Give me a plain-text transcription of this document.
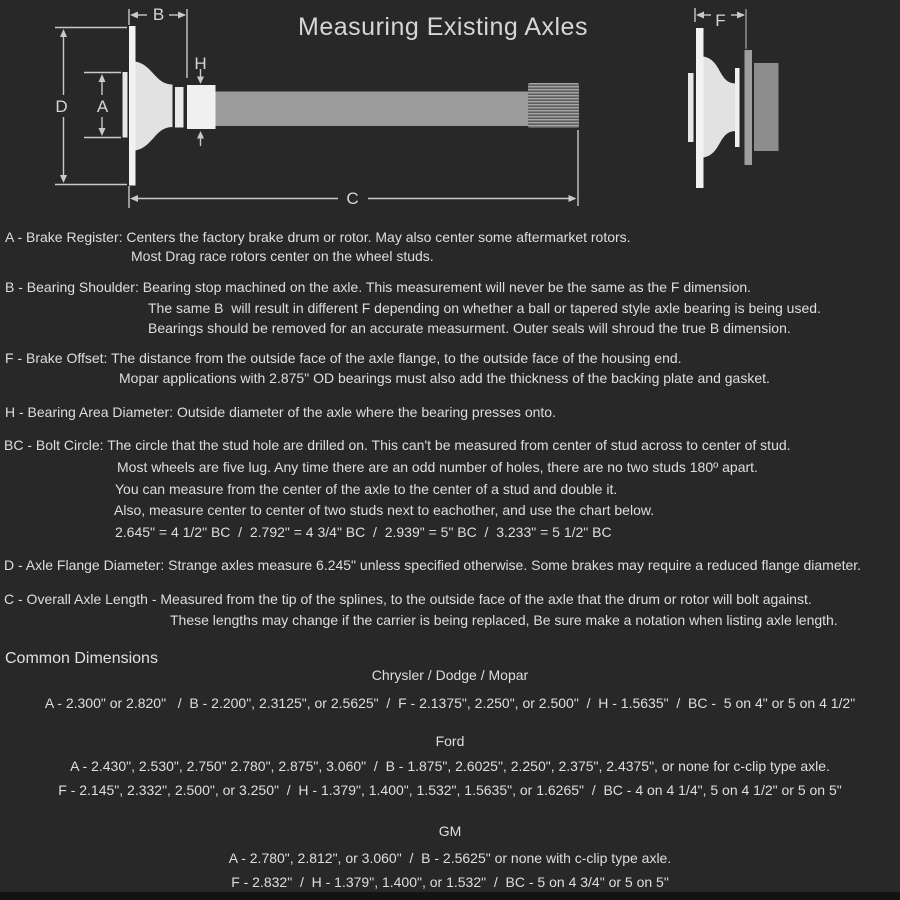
Measuring Existing Axles
D	A
B
H
C
F
A - Brake Register: Centers the factory brake drum or rotor. May also center some aftermarket rotors.
Most Drag race rotors center on the wheel studs.
B - Bearing Shoulder: Bearing stop machined on the axle. This measurement will never be the same as the F dimension.
The same B  will result in different F depending on whether a ball or tapered style axle bearing is being used.
Bearings should be removed for an accurate measurment. Outer seals will shroud the true B dimension.
F - Brake Offset: The distance from the outside face of the axle flange, to the outside face of the housing end.
Mopar applications with 2.875" OD bearings must also add the thickness of the backing plate and gasket.
H - Bearing Area Diameter: Outside diameter of the axle where the bearing presses onto.
BC - Bolt Circle: The circle that the stud hole are drilled on. This can't be measured from center of stud across to center of stud.
Most wheels are five lug. Any time there are an odd number of holes, there are no two studs 180º apart.
You can measure from the center of the axle to the center of a stud and double it.
Also, measure center to center of two studs next to eachother, and use the chart below.
2.645" = 4 1/2" BC  /  2.792" = 4 3/4" BC  /  2.939" = 5" BC  /  3.233" = 5 1/2" BC
D - Axle Flange Diameter: Strange axles measure 6.245" unless specified otherwise. Some brakes may require a reduced flange diameter.
C - Overall Axle Length - Measured from the tip of the splines, to the outside face of the axle that the drum or rotor will bolt against.
These lengths may change if the carrier is being replaced, Be sure make a notation when listing axle length.
Common Dimensions
Chrysler / Dodge / Mopar
A - 2.300" or 2.820"   /  B - 2.200", 2.3125", or 2.5625"  /  F - 2.1375", 2.250", or 2.500"  /  H - 1.5635"  /  BC -  5 on 4" or 5 on 4 1/2"
Ford
A - 2.430", 2.530", 2.750" 2.780", 2.875", 3.060"  /  B - 1.875", 2.6025", 2.250", 2.375", 2.4375", or none for c-clip type axle.
F - 2.145", 2.332", 2.500", or 3.250"  /  H - 1.379", 1.400", 1.532", 1.5635", or 1.6265"  /  BC - 4 on 4 1/4", 5 on 4 1/2" or 5 on 5"
GM
A - 2.780", 2.812", or 3.060"  /  B - 2.5625" or none with c-clip type axle.
F - 2.832"  /  H - 1.379", 1.400", or 1.532"  /  BC - 5 on 4 3/4" or 5 on 5"
